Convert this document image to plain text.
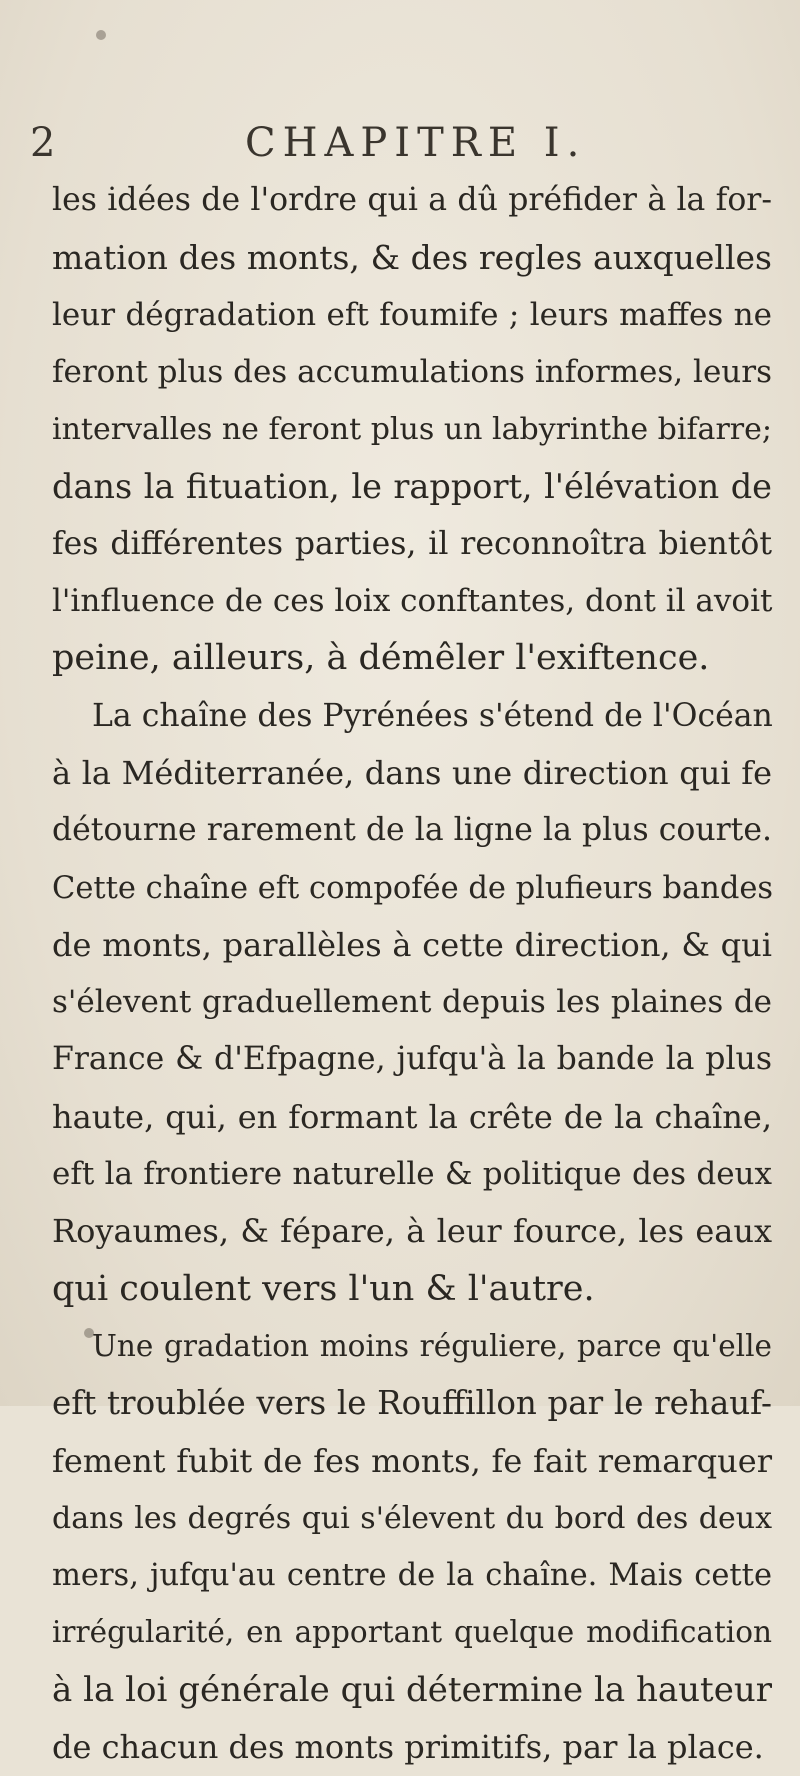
2	CHAPITRE I.
les idées de l'ordre qui a dû préfider à la for-
mation des monts, & des regles auxquelles
leur dégradation eft foumife ; leurs maffes ne
feront plus des accumulations informes, leurs
intervalles ne feront plus un labyrinthe bifarre;
dans la fituation, le rapport, l'élévation de
fes différentes parties, il reconnoîtra bientôt
l'influence de ces loix conftantes, dont il avoit
peine, ailleurs, à démêler l'exiftence.
La chaîne des Pyrénées s'étend de l'Océan
à la Méditerranée, dans une direction qui fe
détourne rarement de la ligne la plus courte.
Cette chaîne eft compofée de plufieurs bandes
de monts, parallèles à cette direction, & qui
s'élevent graduellement depuis les plaines de
France & d'Efpagne, jufqu'à la bande la plus
haute, qui, en formant la crête de la chaîne,
eft la frontiere naturelle & politique des deux
Royaumes, & fépare, à leur fource, les eaux
qui coulent vers l'un & l'autre.
Une gradation moins réguliere, parce qu'elle
eft troublée vers le Rouffillon par le rehauf-
fement fubit de fes monts, fe fait remarquer
dans les degrés qui s'élevent du bord des deux
mers, jufqu'au centre de la chaîne. Mais cette
irrégularité, en apportant quelque modification
à la loi générale qui détermine la hauteur
de chacun des monts primitifs, par la place.
